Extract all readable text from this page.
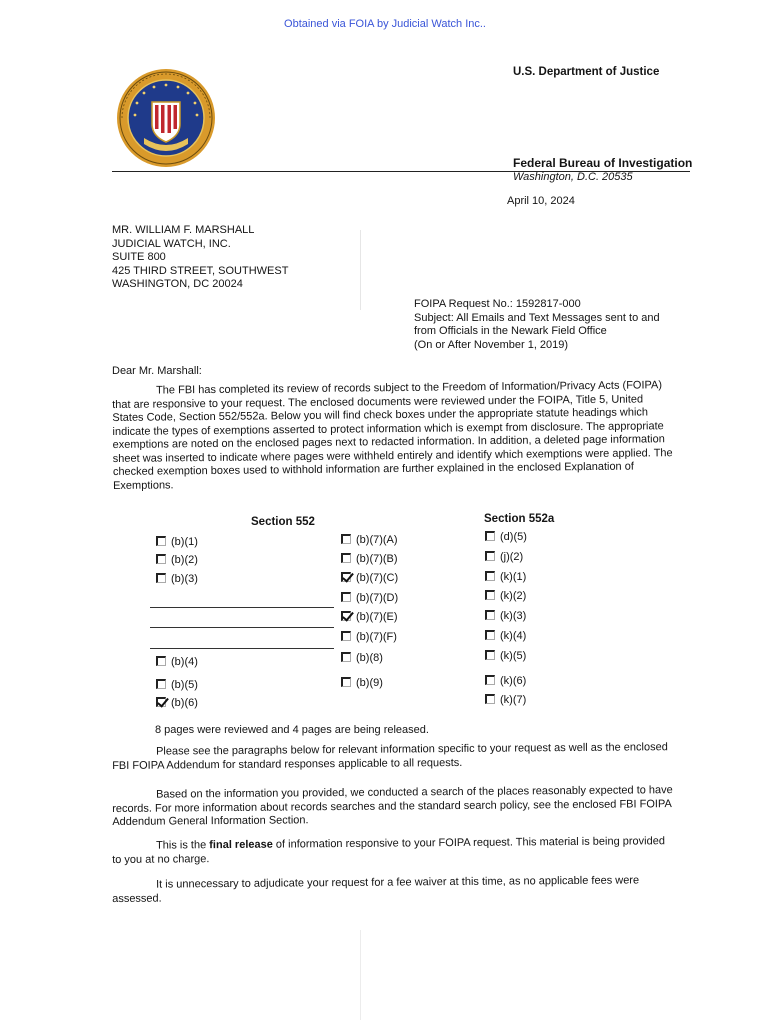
Obtained via FOIA by Judicial Watch Inc..
U.S. Department of Justice
Federal Bureau of Investigation
Washington, D.C. 20535
April 10, 2024
MR. WILLIAM F. MARSHALL
JUDICIAL WATCH, INC.
SUITE 800
425 THIRD STREET, SOUTHWEST
WASHINGTON, DC 20024
FOIPA Request No.: 1592817-000
Subject: All Emails and Text Messages sent to and
from Officials in the Newark Field Office
(On or After November 1, 2019)
Dear Mr. Marshall:
The FBI has completed its review of records subject to the Freedom of Information/Privacy Acts (FOIPA) that are responsive to your request. The enclosed documents were reviewed under the FOIPA, Title 5, United States Code, Section 552/552a. Below you will find check boxes under the appropriate statute headings which indicate the types of exemptions asserted to protect information which is exempt from disclosure. The appropriate exemptions are noted on the enclosed pages next to redacted information. In addition, a deleted page information sheet was inserted to indicate where pages were withheld entirely and identify which exemptions were applied. The checked exemption boxes used to withhold information are further explained in the enclosed Explanation of Exemptions.
Section 552	Section 552a
(b)(1)
(b)(2)
(b)(3)
(b)(4)
(b)(5)
(b)(6)
(b)(7)(A)
(b)(7)(B)
(b)(7)(C)
(b)(7)(D)
(b)(7)(E)
(b)(7)(F)
(b)(8)
(b)(9)
(d)(5)
(j)(2)
(k)(1)
(k)(2)
(k)(3)
(k)(4)
(k)(5)
(k)(6)
(k)(7)
8 pages were reviewed and 4 pages are being released.
Please see the paragraphs below for relevant information specific to your request as well as the enclosed FBI FOIPA Addendum for standard responses applicable to all requests.
Based on the information you provided, we conducted a search of the places reasonably expected to have records. For more information about records searches and the standard search policy, see the enclosed FBI FOIPA Addendum General Information Section.
This is the final release of information responsive to your FOIPA request. This material is being provided to you at no charge.
It is unnecessary to adjudicate your request for a fee waiver at this time, as no applicable fees were assessed.
